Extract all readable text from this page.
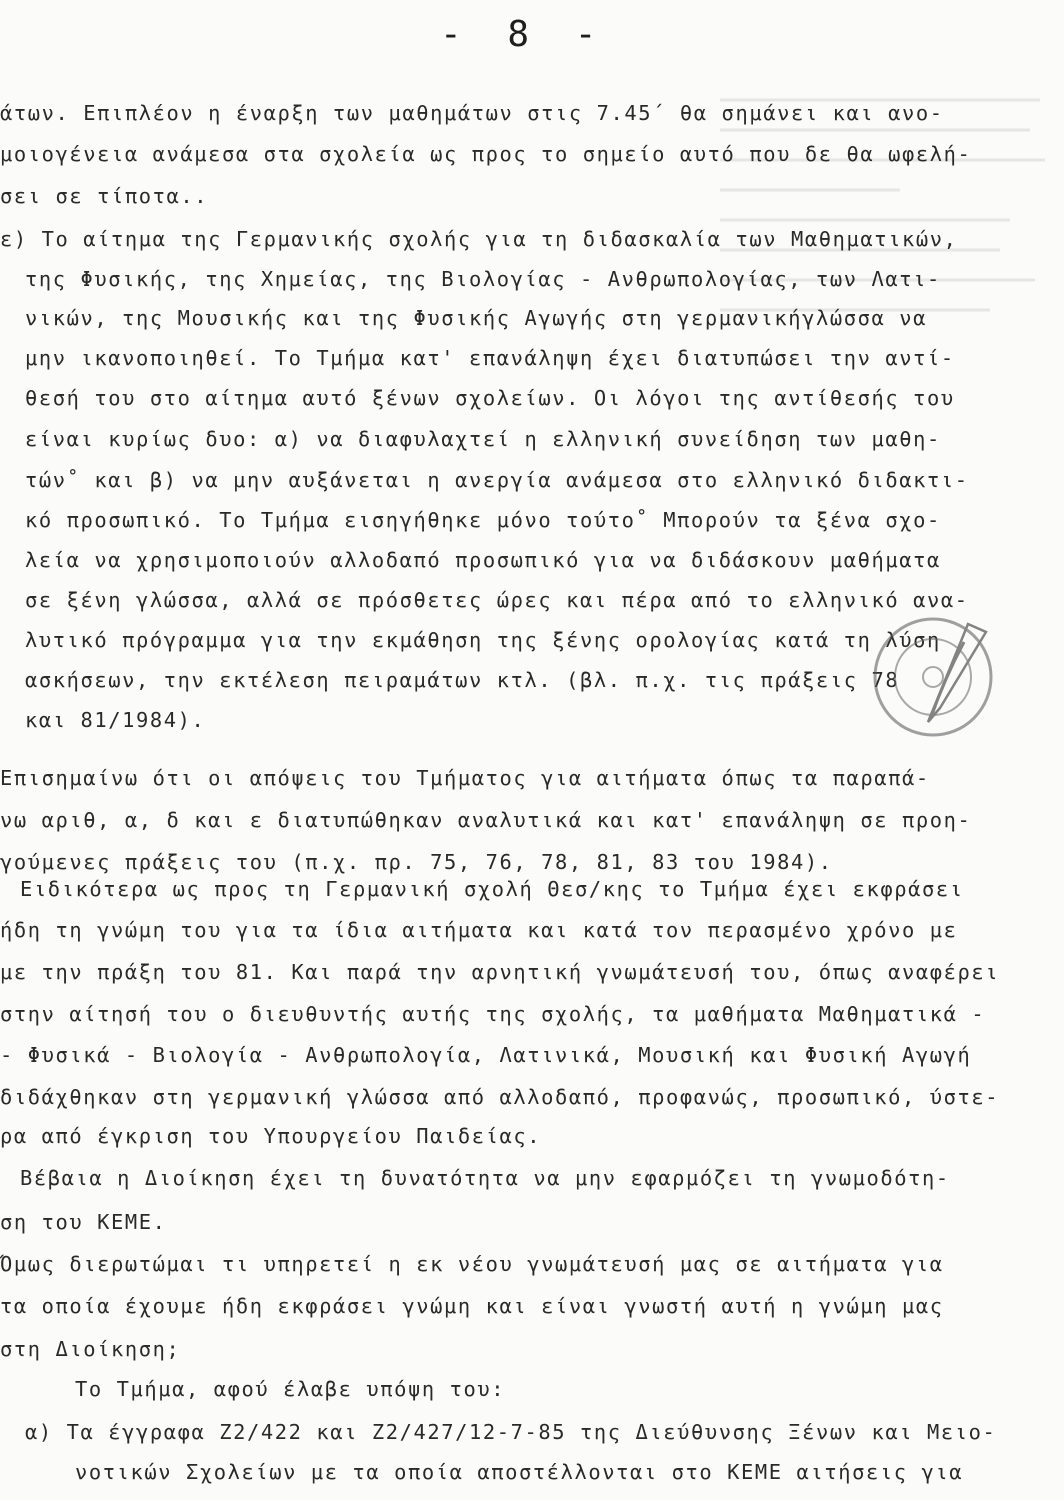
- 8 -
άτων. Επιπλέον η έναρξη των μαθημάτων στις 7.45΄ θα σημάνει και ανο-
μοιογένεια ανάμεσα στα σχολεία ως προς το σημείο αυτό που δε θα ωφελή-
σει σε τίποτα..
ε) Το αίτημα της Γερμανικής σχολής για τη διδασκαλία των Μαθηματικών,
της Φυσικής, της Χημείας, της Βιολογίας - Ανθρωπολογίας, των Λατι-
νικών, της Μουσικής και της Φυσικής Αγωγής στη γερμανικήγλώσσα να
μην ικανοποιηθεί. Το Τμήμα κατ' επανάληψη έχει διατυπώσει την αντί-
θεσή του στο αίτημα αυτό ξένων σχολείων. Οι λόγοι της αντίθεσής του
είναι κυρίως δυο: α) να διαφυλαχτεί η ελληνική συνείδηση των μαθη-
τών˚ και β) να μην αυξάνεται η ανεργία ανάμεσα στο ελληνικό διδακτι-
κό προσωπικό. Το Τμήμα εισηγήθηκε μόνο τούτο˚ Μπορούν τα ξένα σχο-
λεία να χρησιμοποιούν αλλοδαπό προσωπικό για να διδάσκουν μαθήματα
σε ξένη γλώσσα, αλλά σε πρόσθετες ώρες και πέρα από το ελληνικό ανα-
λυτικό πρόγραμμα για την εκμάθηση της ξένης ορολογίας κατά τη λύση
ασκήσεων, την εκτέλεση πειραμάτων κτλ. (βλ. π.χ. τις πράξεις 78
και 81/1984).
Επισημαίνω ότι οι απόψεις του Τμήματος για αιτήματα όπως τα παραπά-
νω αριθ, α, δ και ε διατυπώθηκαν αναλυτικά και κατ' επανάληψη σε προη-
γούμενες πράξεις του (π.χ. πρ. 75, 76, 78, 81, 83 του 1984).
Ειδικότερα ως προς τη Γερμανική σχολή Θεσ/κης το Τμήμα έχει εκφράσει
ήδη τη γνώμη του για τα ίδια αιτήματα και κατά τον περασμένο χρόνο με
με την πράξη του 81. Και παρά την αρνητική γνωμάτευσή του, όπως αναφέρει
στην αίτησή του ο διευθυντής αυτής της σχολής, τα μαθήματα Μαθηματικά -
- Φυσικά - Βιολογία - Ανθρωπολογία, Λατινικά, Μουσική και Φυσική Αγωγή
διδάχθηκαν στη γερμανική γλώσσα από αλλοδαπό, προφανώς, προσωπικό, ύστε-
ρα από έγκριση του Υπουργείου Παιδείας.
Βέβαια η Διοίκηση έχει τη δυνατότητα να μην εφαρμόζει τη γνωμοδότη-
ση του ΚΕΜΕ.
Όμως διερωτώμαι τι υπηρετεί η εκ νέου γνωμάτευσή μας σε αιτήματα για
τα οποία έχουμε ήδη εκφράσει γνώμη και είναι γνωστή αυτή η γνώμη μας
στη Διοίκηση;
Το Τμήμα, αφού έλαβε υπόψη του:
α) Τα έγγραφα Ζ2/422 και Ζ2/427/12-7-85 της Διεύθυνσης Ξένων και Μειο-
νοτικών Σχολείων με τα οποία αποστέλλονται στο ΚΕΜΕ αιτήσεις για
